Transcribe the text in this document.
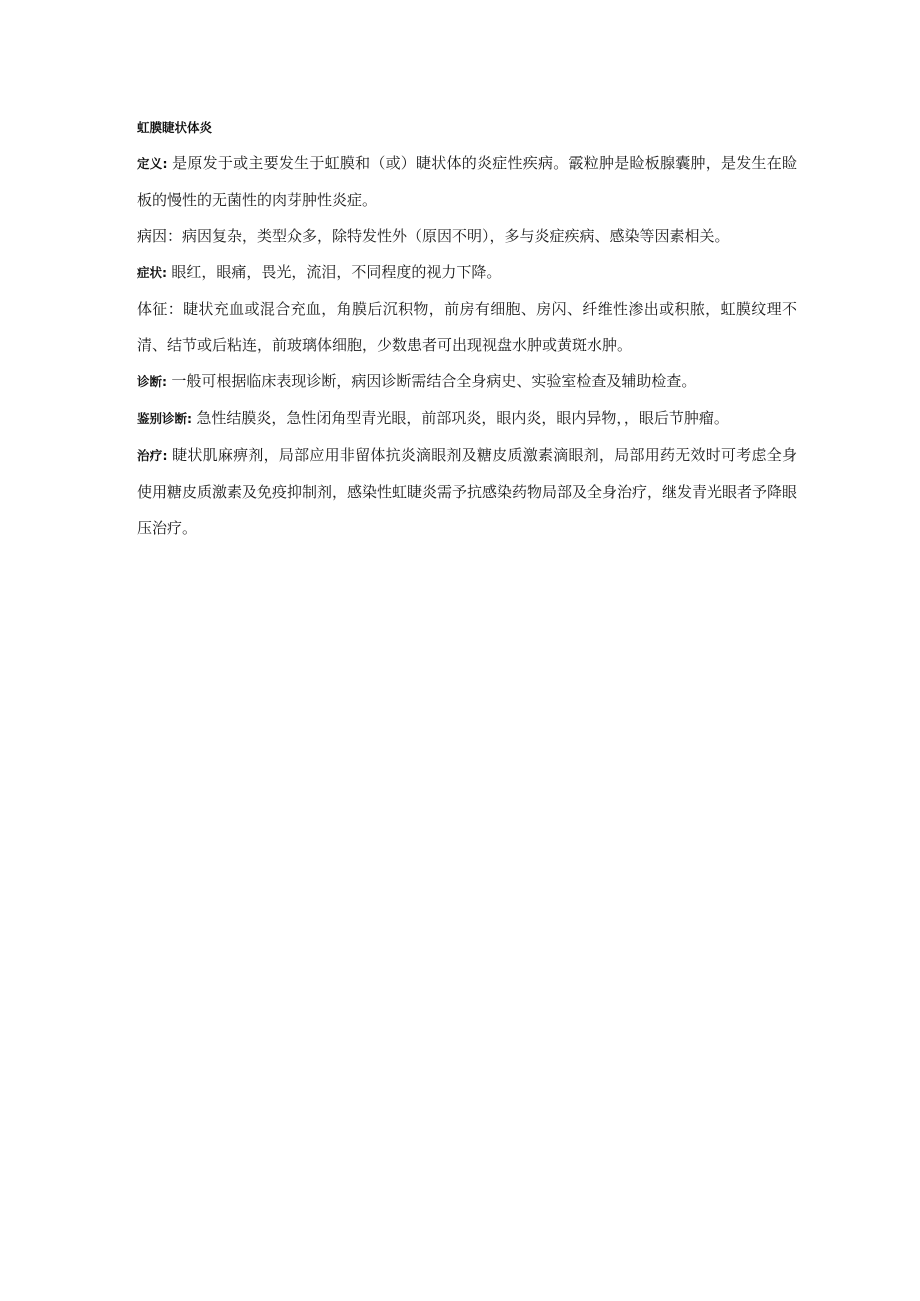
虹膜睫状体炎

定义: 是原发于或主要发生于虹膜和（或）睫状体的炎症性疾病。霰粒肿是睑板腺囊肿，是发生在睑板的慢性的无菌性的肉芽肿性炎症。

病因：病因复杂，类型众多，除特发性外（原因不明），多与炎症疾病、感染等因素相关。

症状: 眼红，眼痛，畏光，流泪，不同程度的视力下降。

体征：睫状充血或混合充血，角膜后沉积物，前房有细胞、房闪、纤维性渗出或积脓，虹膜纹理不清、结节或后粘连，前玻璃体细胞，少数患者可出现视盘水肿或黄斑水肿。

诊断: 一般可根据临床表现诊断，病因诊断需结合全身病史、实验室检查及辅助检查。

鉴别诊断: 急性结膜炎，急性闭角型青光眼，前部巩炎，眼内炎，眼内异物，，眼后节肿瘤。

治疗: 睫状肌麻痹剂，局部应用非留体抗炎滴眼剂及糖皮质激素滴眼剂，局部用药无效时可考虑全身使用糖皮质激素及免疫抑制剂，感染性虹睫炎需予抗感染药物局部及全身治疗，继发青光眼者予降眼压治疗。
